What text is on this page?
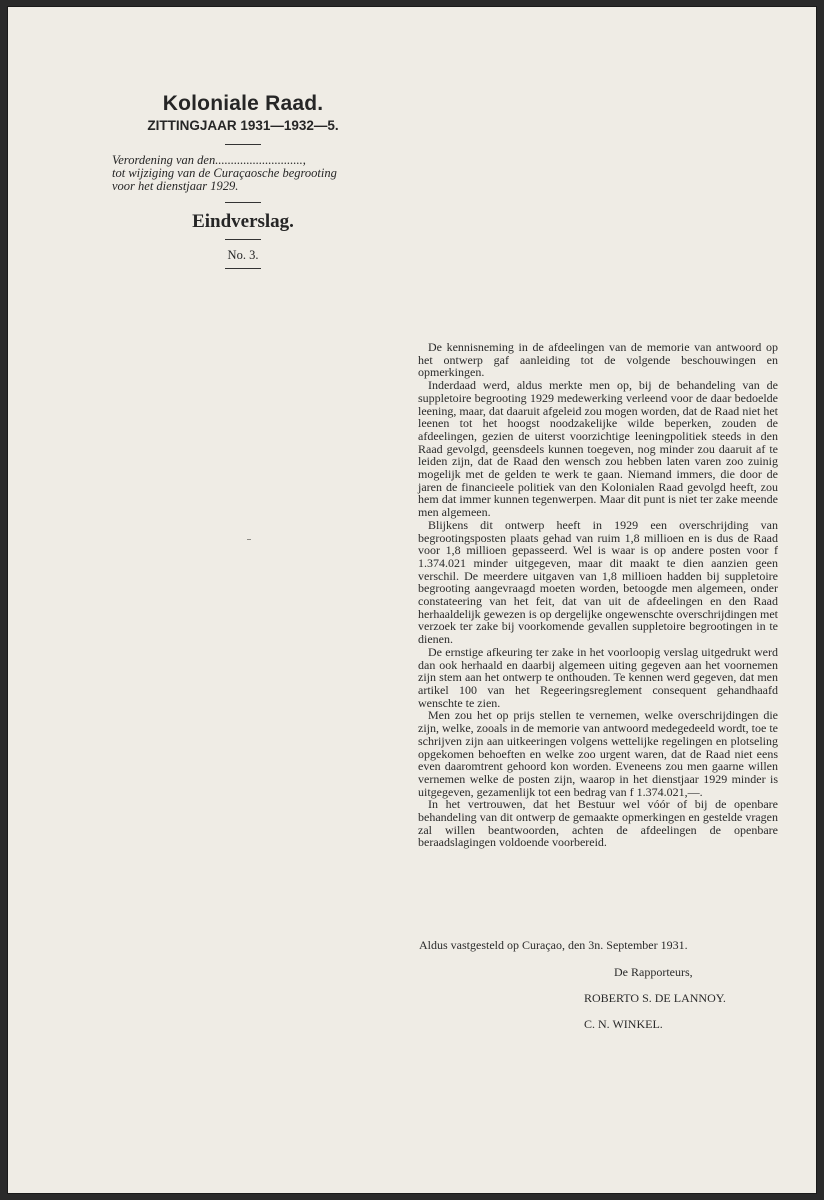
Koloniale Raad.
ZITTINGJAAR 1931—1932—5.
Verordening van den............................,
tot wijziging van de Curaçaosche begrooting
voor het dienstjaar 1929.
Eindverslag.
No. 3.

De kennisneming in de afdeelingen van de memorie van antwoord op het ontwerp gaf aanleiding tot de volgende beschouwingen en opmerkingen.

Inderdaad werd, aldus merkte men op, bij de behandeling van de suppletoire begrooting 1929 medewerking verleend voor de daar bedoelde leening, maar, dat daaruit afgeleid zou mogen worden, dat de Raad niet het leenen tot het hoogst noodzakelijke wilde beperken, zouden de afdeelingen, gezien de uiterst voorzichtige leeningpolitiek steeds in den Raad gevolgd, geensdeels kunnen toegeven, nog minder zou daaruit af te leiden zijn, dat de Raad den wensch zou hebben laten varen zoo zuinig mogelijk met de gelden te werk te gaan. Niemand immers, die door de jaren de financieele politiek van den Kolonialen Raad gevolgd heeft, zou hem dat immer kunnen tegenwerpen. Maar dit punt is niet ter zake meende men algemeen.

Blijkens dit ontwerp heeft in 1929 een overschrijding van begrootingsposten plaats gehad van ruim 1,8 millioen en is dus de Raad voor 1,8 millioen gepasseerd. Wel is waar is op andere posten voor f 1.374.021 minder uitgegeven, maar dit maakt te dien aanzien geen verschil. De meerdere uitgaven van 1,8 millioen hadden bij suppletoire begrooting aangevraagd moeten worden, betoogde men algemeen, onder constateering van het feit, dat van uit de afdeelingen en den Raad herhaaldelijk gewezen is op dergelijke ongewenschte overschrijdingen met verzoek ter zake bij voorkomende gevallen suppletoire begrootingen in te dienen.

De ernstige afkeuring ter zake in het voorloopig verslag uitgedrukt werd dan ook herhaald en daarbij algemeen uiting gegeven aan het voornemen zijn stem aan het ontwerp te onthouden. Te kennen werd gegeven, dat men artikel 100 van het Regeeringsreglement consequent gehandhaafd wenschte te zien.

Men zou het op prijs stellen te vernemen, welke overschrijdingen die zijn, welke, zooals in de memorie van antwoord medegedeeld wordt, toe te schrijven zijn aan uitkeeringen volgens wettelijke regelingen en plotseling opgekomen behoeften en welke zoo urgent waren, dat de Raad niet eens even daaromtrent gehoord kon worden. Eveneens zou men gaarne willen vernemen welke de posten zijn, waarop in het dienstjaar 1929 minder is uitgegeven, gezamenlijk tot een bedrag van f 1.374.021,—.

In het vertrouwen, dat het Bestuur wel vóór of bij de openbare behandeling van dit ontwerp de gemaakte opmerkingen en gestelde vragen zal willen beantwoorden, achten de afdeelingen de openbare beraadslagingen voldoende voorbereid.

Aldus vastgesteld op Curaçao, den 3n. September 1931.
De Rapporteurs,
ROBERTO S. DE LANNOY.
C. N. WINKEL.
